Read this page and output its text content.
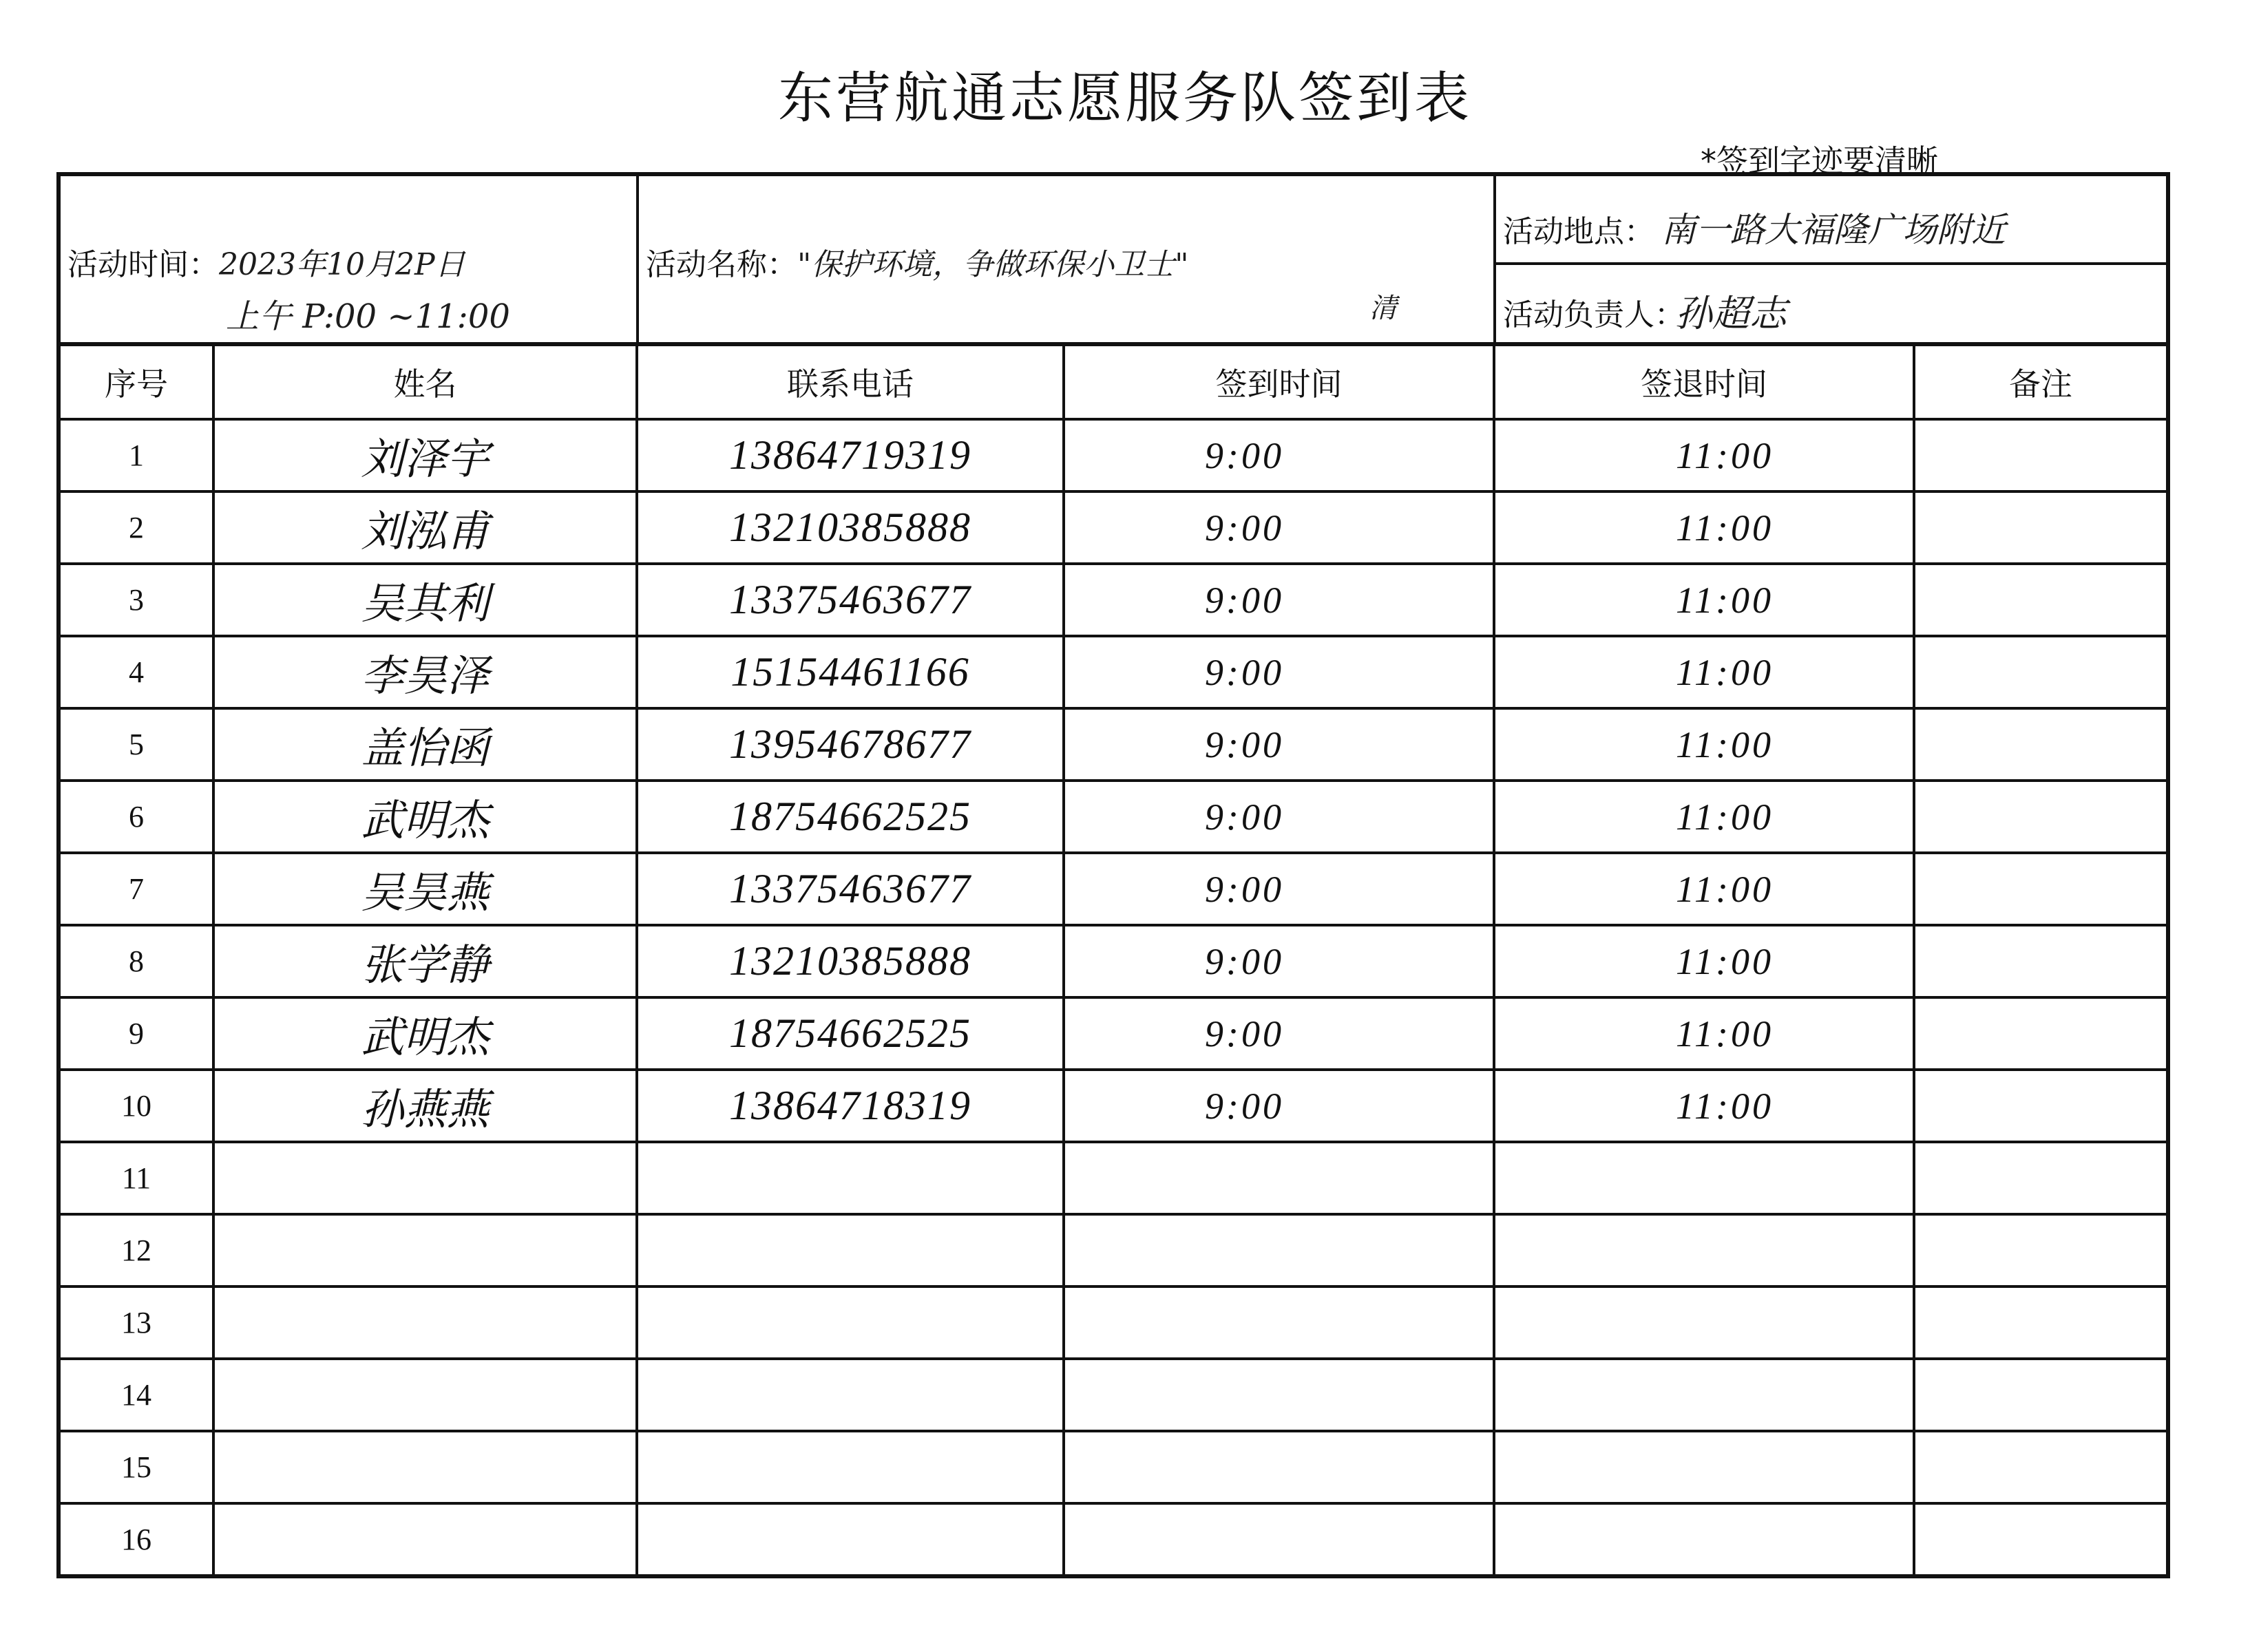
东营航通志愿服务队签到表
*签到字迹要清晰
活动时间：2023年10月2P日
上午 P:00 ~11:00
活动名称："保护环境，争做环保小卫士"
清
活动地点： 南一路大福隆广场附近
活动负责人：
孙超志
序号	姓名	联系电话	签到时间	签退时间	备注
1	刘泽宇	13864719319	9:00	11:00	
2	刘泓甫	13210385888	9:00	11:00	
3	吴其利	13375463677	9:00	11:00	
4	李昊泽	15154461166	9:00	11:00	
5	盖怡函	13954678677	9:00	11:00	
6	武明杰	18754662525	9:00	11:00	
7	吴昊燕	13375463677	9:00	11:00	
8	张学静	13210385888	9:00	11:00	
9	武明杰	18754662525	9:00	11:00	
10	孙燕燕	13864718319	9:00	11:00	
11					
12					
13					
14					
15					
16					
